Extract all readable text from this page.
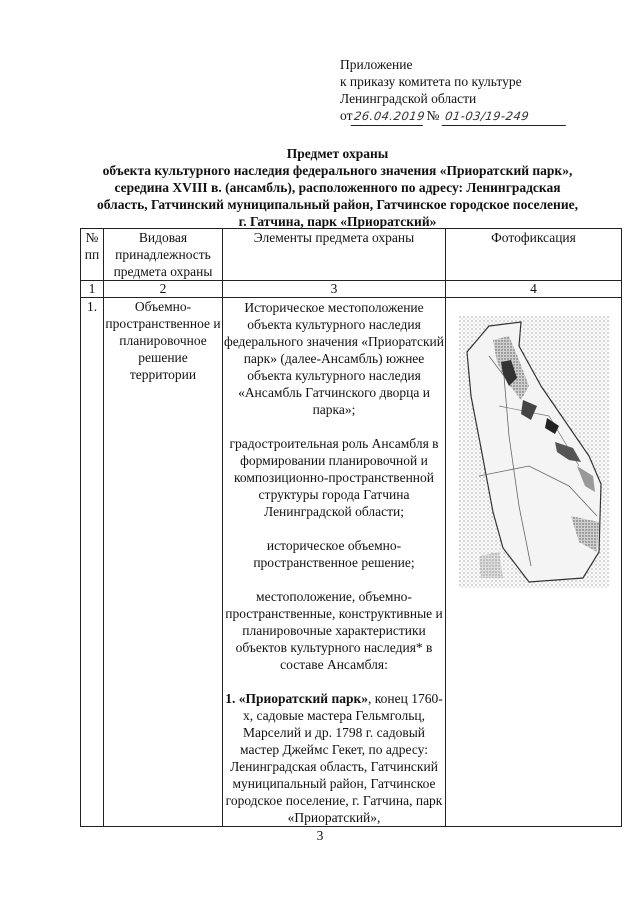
Приложение
к приказу комитета по культуре
Ленинградской области
от 26.04.2019 № 01-03/19-249
Предмет охраны
объекта культурного наследия федерального значения «Приоратский парк»,
середина XVIII в. (ансамбль), расположенного по адресу: Ленинградская
область, Гатчинский муниципальный район, Гатчинское городское поселение,
г. Гатчина, парк «Приоратский»
№ пп	Видовая принадлежность предмета охраны	Элементы предмета охраны	Фотофиксация
1	2	3	4
1.	Объемно-пространственное и планировочное решение территории	Историческое местоположение объекта культурного наследия федерального значения «Приоратский парк» (далее-Ансамбль) южнее объекта культурного наследия «Ансамбль Гатчинского дворца и парка»;

градостроительная роль Ансамбля в формировании планировочной и композиционно-пространственной структуры города Гатчина Ленинградской области;

историческое объемно-пространственное решение;

местоположение, объемно-пространственные, конструктивные и планировочные характеристики объектов культурного наследия* в составе Ансамбля:

1. «Приоратский парк», конец 1760-х, садовые мастера Гельмгольц, Марселий и др. 1798 г. садовый мастер Джеймс Гекет, по адресу: Ленинградская область, Гатчинский муниципальный район, Гатчинское городское поселение, г. Гатчина, парк «Приоратский»,

3
